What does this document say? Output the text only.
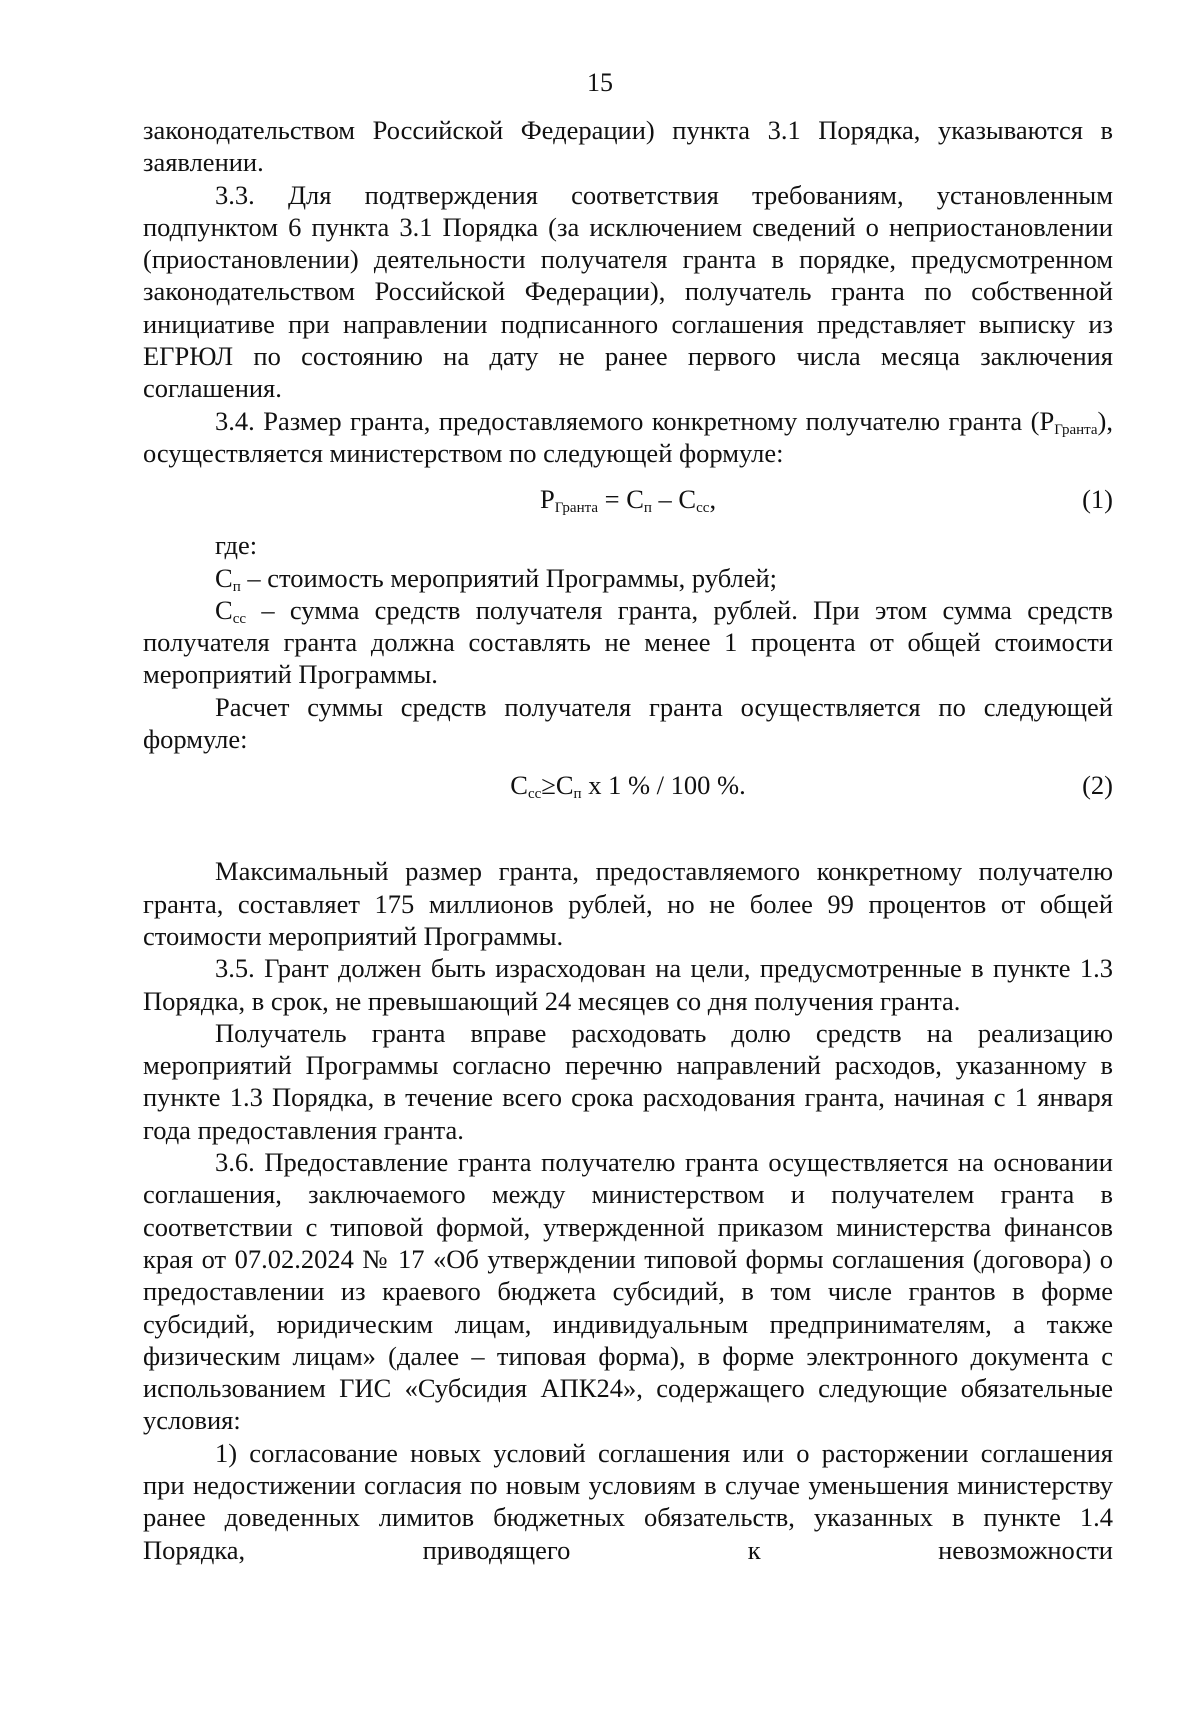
15

законодательством Российской Федерации) пункта 3.1 Порядка, указываются в заявлении.

3.3. Для подтверждения соответствия требованиям, установленным подпунктом 6 пункта 3.1 Порядка (за исключением сведений о неприостановлении (приостановлении) деятельности получателя гранта в порядке, предусмотренном законодательством Российской Федерации), получатель гранта по собственной инициативе при направлении подписанного соглашения представляет выписку из ЕГРЮЛ по состоянию на дату не ранее первого числа месяца заключения соглашения.

3.4. Размер гранта, предоставляемого конкретному получателю гранта $(Р_{Гранта})$, осуществляется министерством по следующей формуле:

$Р_{Гранта} = С_п - С_{сс}$,	(1)

где:

$С_п$ – стоимость мероприятий Программы, рублей;

$С_{сс}$ – сумма средств получателя гранта, рублей. При этом сумма средств получателя гранта должна составлять не менее 1 процента от общей стоимости мероприятий Программы.

Расчет суммы средств получателя гранта осуществляется по следующей формуле:

$С_{сс}\ge С_п$ x 1 % / 100 %.	(2)

Максимальный размер гранта, предоставляемого конкретному получателю гранта, составляет 175 миллионов рублей, но не более 99 процентов от общей стоимости мероприятий Программы.

3.5. Грант должен быть израсходован на цели, предусмотренные в пункте 1.3 Порядка, в срок, не превышающий 24 месяцев со дня получения гранта.

Получатель гранта вправе расходовать долю средств на реализацию мероприятий Программы согласно перечню направлений расходов, указанному в пункте 1.3 Порядка, в течение всего срока расходования гранта, начиная с 1 января года предоставления гранта.

3.6. Предоставление гранта получателю гранта осуществляется на основании соглашения, заключаемого между министерством и получателем гранта в соответствии с типовой формой, утвержденной приказом министерства финансов края от 07.02.2024 № 17 «Об утверждении типовой формы соглашения (договора) о предоставлении из краевого бюджета субсидий, в том числе грантов в форме субсидий, юридическим лицам, индивидуальным предпринимателям, а также физическим лицам» (далее – типовая форма), в форме электронного документа с использованием ГИС «Субсидия АПК24», содержащего следующие обязательные условия:

1) согласование новых условий соглашения или о расторжении соглашения при недостижении согласия по новым условиям в случае уменьшения министерству ранее доведенных лимитов бюджетных обязательств, указанных в пункте 1.4 Порядка, приводящего к невозможности
